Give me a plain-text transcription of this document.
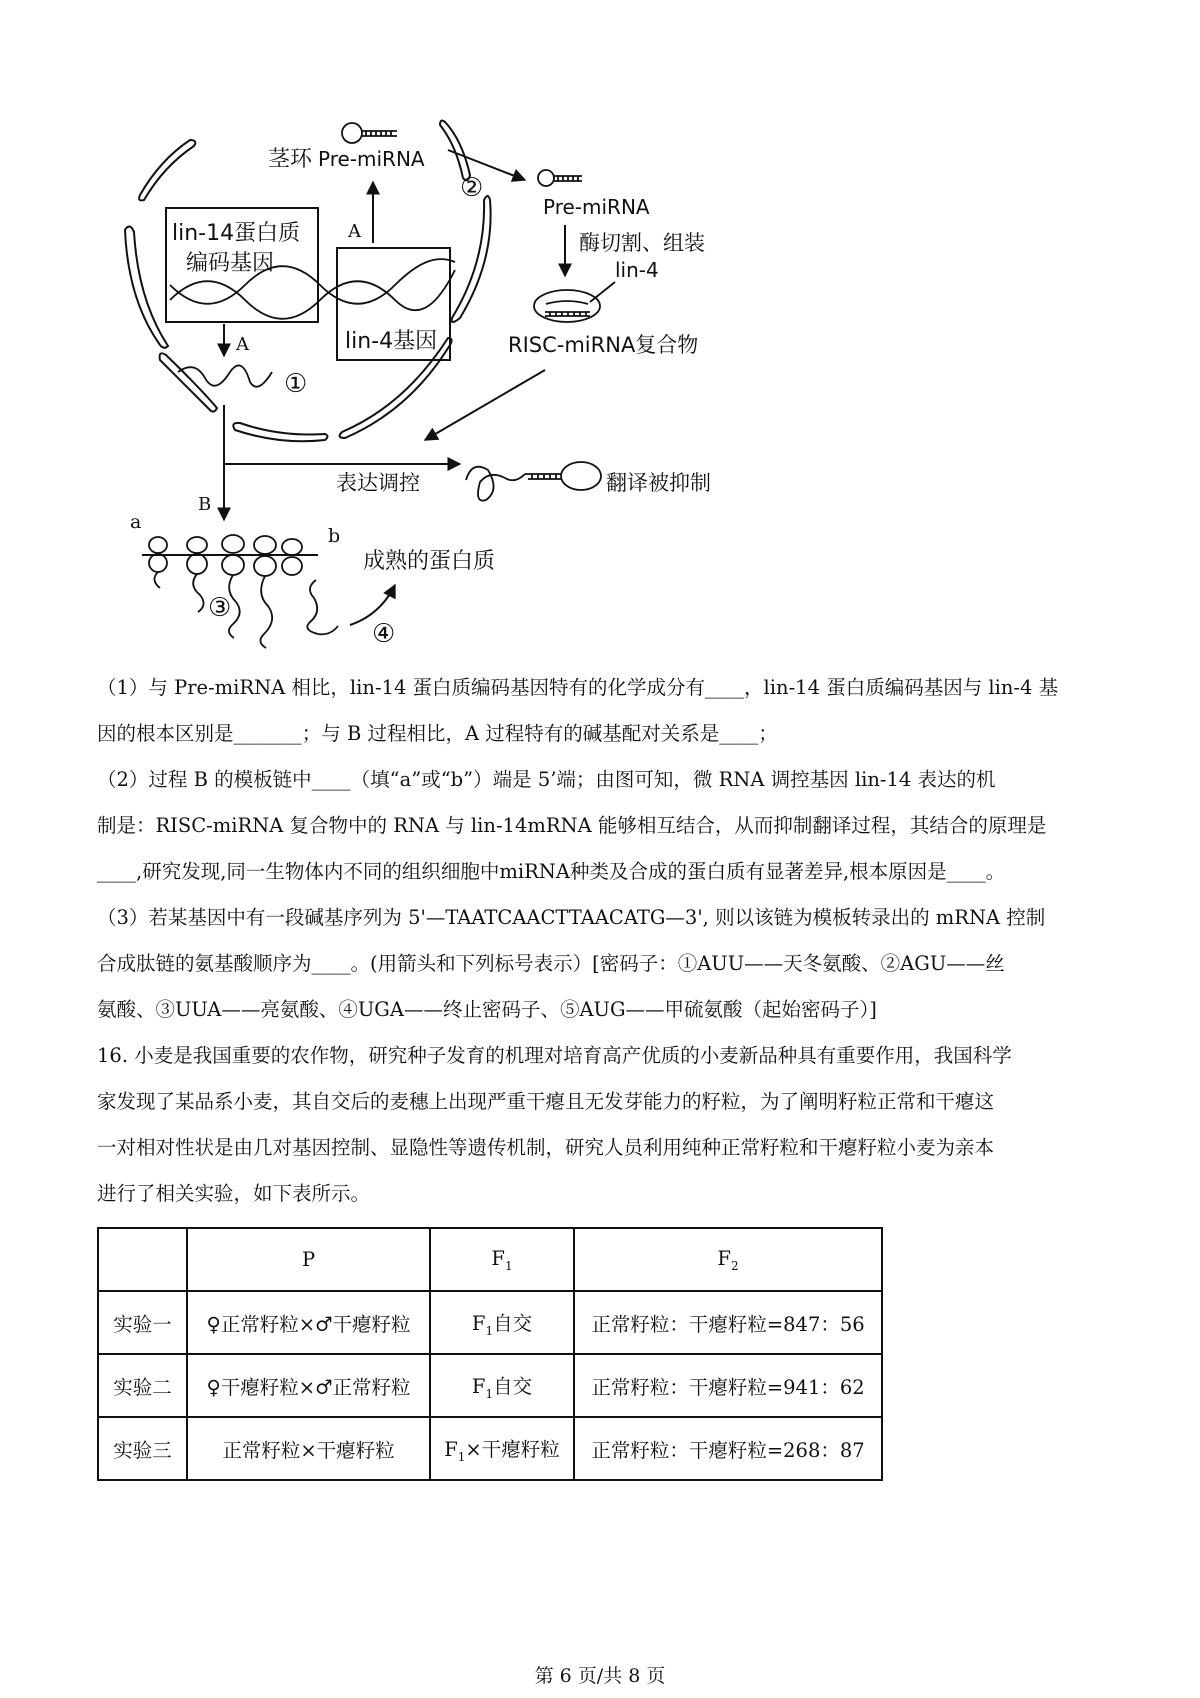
lin-14蛋白质
编码基因
lin-4基因
A
A
①
茎环 Pre-miRNA
②
Pre-miRNA
酶切割、组装
lin-4
RISC-miRNA复合物
表达调控
B
翻译被抑制
a
b
③
④
成熟的蛋白质

（1）与 Pre-miRNA 相比，lin-14 蛋白质编码基因特有的化学成分有____，lin-14 蛋白质编码基因与 lin-4 基

因的根本区别是_______；与 B 过程相比，A 过程特有的碱基配对关系是____；

（2）过程 B 的模板链中____（填“a”或“b”）端是 5’端；由图可知，微 RNA 调控基因 lin-14 表达的机

制是：RISC-miRNA 复合物中的 RNA 与 lin-14mRNA 能够相互结合，从而抑制翻译过程，其结合的原理是

____,研究发现,同一生物体内不同的组织细胞中miRNA种类及合成的蛋白质有显著差异,根本原因是____。

（3）若某基因中有一段碱基序列为 5'—TAATCAACTTAACATG—3', 则以该链为模板转录出的 mRNA 控制

合成肽链的氨基酸顺序为____。(用箭头和下列标号表示）[密码子：①AUU——天冬氨酸、②AGU——丝

氨酸、③UUA——亮氨酸、④UGA——终止密码子、⑤AUG——甲硫氨酸（起始密码子）]

16. 小麦是我国重要的农作物，研究种子发育的机理对培育高产优质的小麦新品种具有重要作用，我国科学

家发现了某品系小麦，其自交后的麦穗上出现严重干瘪且无发芽能力的籽粒，为了阐明籽粒正常和干瘪这

一对相对性状是由几对基因控制、显隐性等遗传机制，研究人员利用纯种正常籽粒和干瘪籽粒小麦为亲本

进行了相关实验，如下表所示。

	P	$F_1$	$F_2$
实验一	♀正常籽粒×♂干瘪籽粒	$F_1$自交	正常籽粒：干瘪籽粒=847：56
实验二	♀干瘪籽粒×♂正常籽粒	$F_1$自交	正常籽粒：干瘪籽粒=941：62
实验三	正常籽粒×干瘪籽粒	$F_1\times$干瘪籽粒	正常籽粒：干瘪籽粒=268：87
第 6 页/共 8 页
